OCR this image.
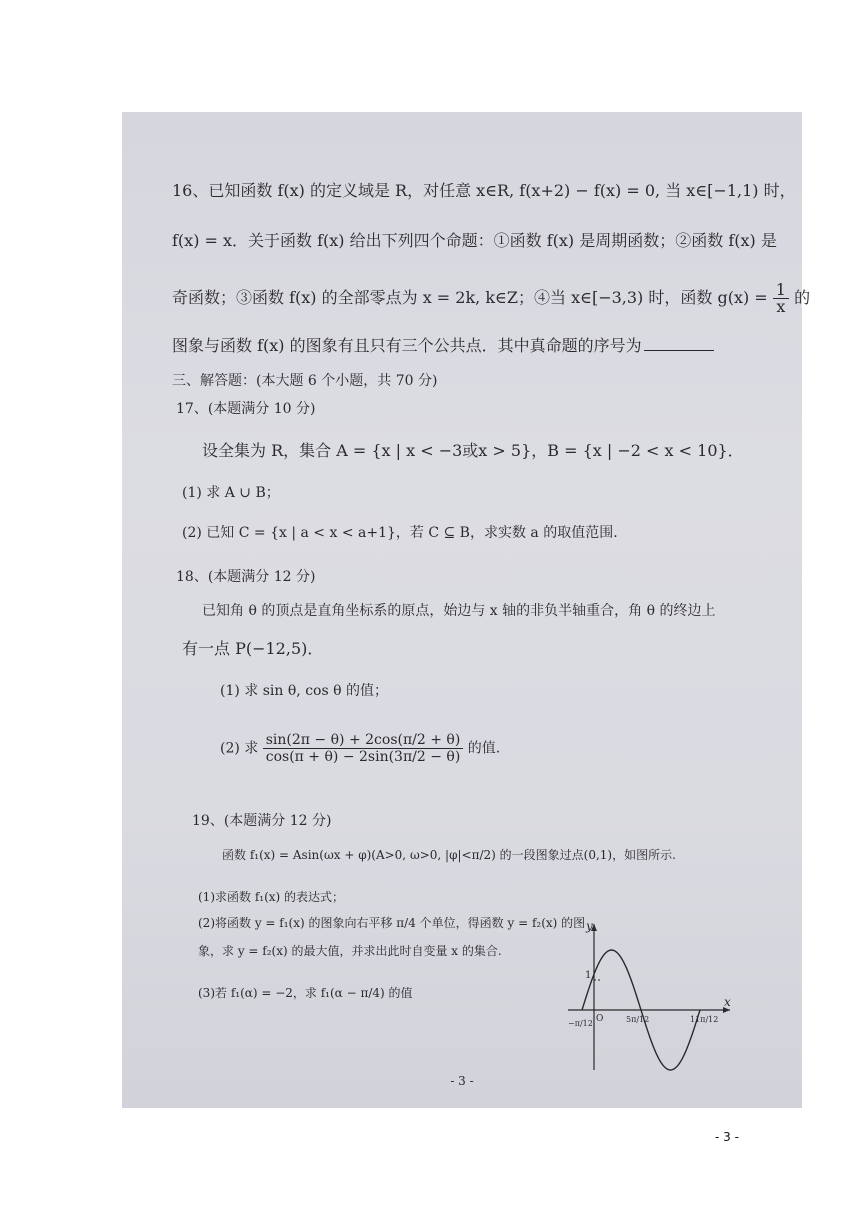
16、已知函数 f(x) 的定义域是 R，对任意 x∈R, f(x+2) − f(x) = 0, 当 x∈[−1,1) 时，
f(x) = x．关于函数 f(x) 给出下列四个命题：①函数 f(x) 是周期函数；②函数 f(x) 是
奇函数；③函数 f(x) 的全部零点为 x = 2k, k∈Z；④当 x∈[−3,3) 时，函数 $g(x) = \frac{1}{x}$ 的
图象与函数 f(x) 的图象有且只有三个公共点．其中真命题的序号为
三、解答题：(本大题 6 个小题，共 70 分)
17、(本题满分 10 分)
设全集为 R，集合 A = {x | x < −3或x > 5}，B = {x | −2 < x < 10}．
(1) 求 A ∪ B；
(2) 已知 C = {x | a < x < a+1}，若 C ⊆ B，求实数 a 的取值范围.
18、(本题满分 12 分)
已知角 θ 的顶点是直角坐标系的原点，始边与 x 轴的非负半轴重合，角 θ 的终边上
有一点 P(−12,5)．
(1) 求 sin θ, cos θ 的值；
(2) 求 $\frac{\sin(2\pi - \theta) + 2\cos(\pi/2 + \theta)}{\cos(\pi + \theta) - 2\sin(3\pi/2 - \theta)}$ 的值.
19、(本题满分 12 分)
函数 f₁(x) = Asin(ωx + φ)(A>0, ω>0, |φ|<π/2) 的一段图象过点(0,1)，如图所示.
(1)求函数 f₁(x) 的表达式；
(2)将函数 y = f₁(x) 的图象向右平移 π/4 个单位，得函数 y = f₂(x) 的图
象，求 y = f₂(x) 的最大值，并求出此时自变量 x 的集合.
(3)若 f₁(α) = −2，求 f₁(α − π/4) 的值
y
x
1
O
−π/12	5π/12	11π/12
- 3 -
- 3 -
